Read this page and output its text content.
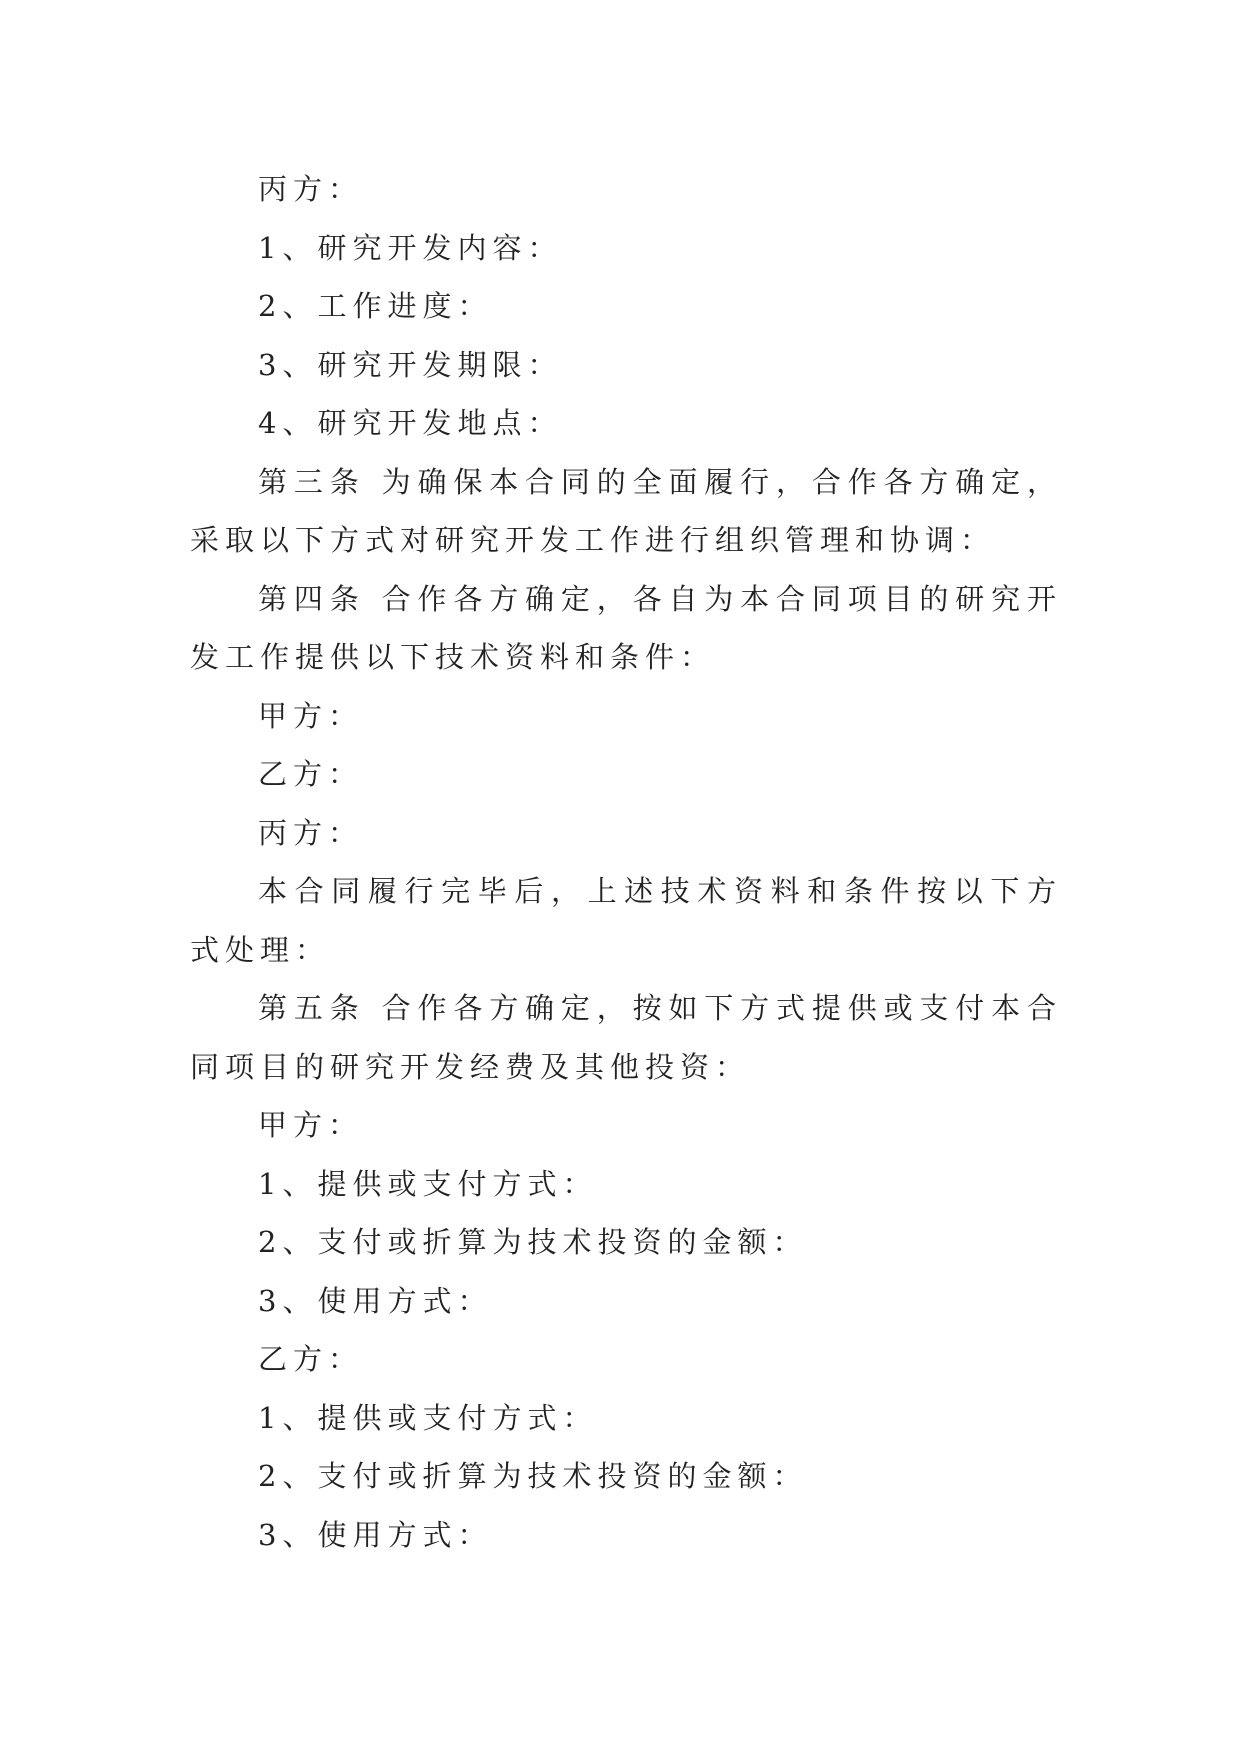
丙方：

1、研究开发内容：

2、工作进度：

3、研究开发期限：

4、研究开发地点：

第三条 为确保本合同的全面履行，合作各方确定，采取以下方式对研究开发工作进行组织管理和协调：

第四条 合作各方确定，各自为本合同项目的研究开发工作提供以下技术资料和条件：

甲方：

乙方：

丙方：

本合同履行完毕后，上述技术资料和条件按以下方式处理：

第五条 合作各方确定，按如下方式提供或支付本合同项目的研究开发经费及其他投资：

甲方：

1、提供或支付方式：

2、支付或折算为技术投资的金额：

3、使用方式：

乙方：

1、提供或支付方式：

2、支付或折算为技术投资的金额：

3、使用方式：
